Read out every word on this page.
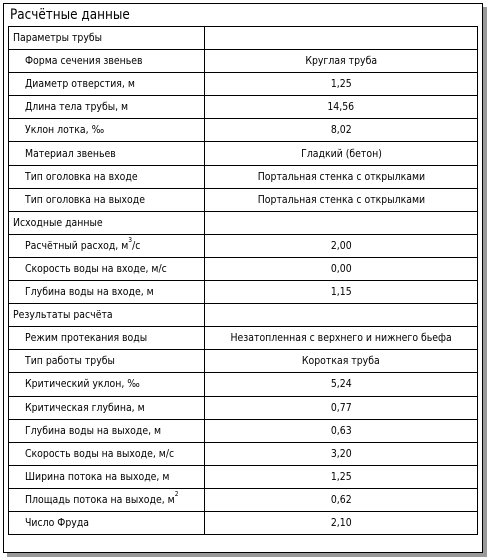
Расчётные данные
Параметры трубы	
Форма сечения звеньев	Круглая труба
Диаметр отверстия, м	1,25
Длина тела трубы, м	14,56
Уклон лотка, ‰	8,02
Материал звеньев	Гладкий (бетон)
Тип оголовка на входе	Портальная стенка с открылками
Тип оголовка на выходе	Портальная стенка с открылками
Исходные данные	
Расчётный расход, $м^3/с$	2,00
Скорость воды на входе, м/с	0,00
Глубина воды на входе, м	1,15
Результаты расчёта	
Режим протекания воды	Незатопленная с верхнего и нижнего бьефа
Тип работы трубы	Короткая труба
Критический уклон, ‰	5,24
Критическая глубина, м	0,77
Глубина воды на выходе, м	0,63
Скорость воды на выходе, м/с	3,20
Ширина потока на выходе, м	1,25
Площадь потока на выходе, $м^2$	0,62
Число Фруда	2,10
